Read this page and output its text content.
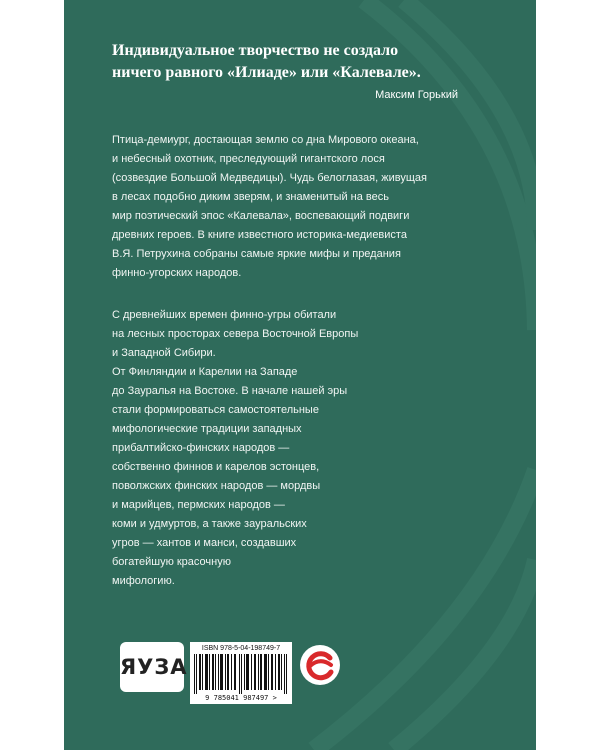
Индивидуальное творчество не создало
ничего равного «Илиаде» или «Калевале».
Максим Горький
Птица-демиург, достающая землю со дна Мирового океана,
и небесный охотник, преследующий гигантского лося
(созвездие Большой Медведицы). Чудь белоглазая, живущая
в лесах подобно диким зверям, и знаменитый на весь
мир поэтический эпос «Калевала», воспевающий подвиги
древних героев. В книге известного историка-медиевиста
В.Я. Петрухина собраны самые яркие мифы и предания
финно-угорских народов.
С древнейших времен финно-угры обитали
на лесных просторах севера Восточной Европы
и Западной Сибири.
От Финляндии и Карелии на Западе
до Зауралья на Востоке. В начале нашей эры
стали формироваться самостоятельные
мифологические традиции западных
прибалтийско-финских народов —
собственно финнов и карелов эстонцев,
поволжских финских народов — мордвы
и марийцев, пермских народов —
коми и удмуртов, а также зауральских
угров — хантов и манси, создавших
богатейшую красочную
мифологию.
ЯУЗА
ISBN 978-5-04-198749-7
9 785041 987497 >
